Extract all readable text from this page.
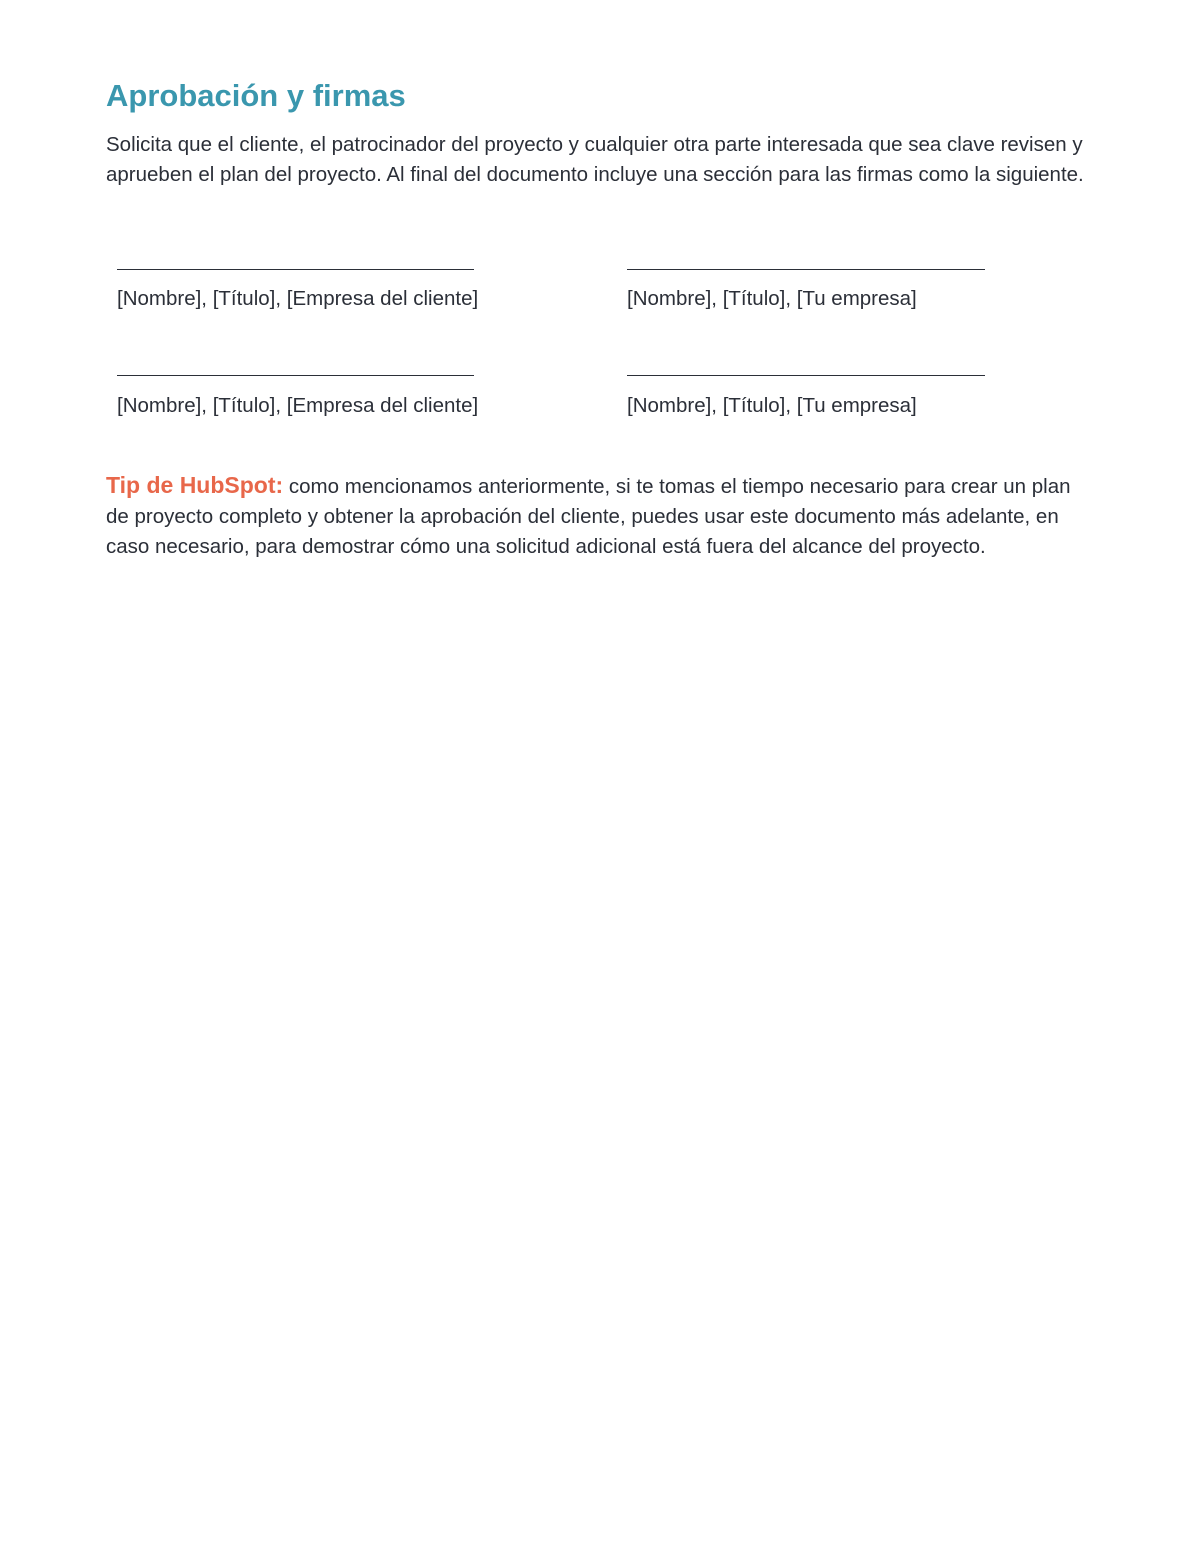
Aprobación y firmas

Solicita que el cliente, el patrocinador del proyecto y cualquier otra parte interesada que sea clave revisen y aprueben el plan del proyecto. Al final del documento incluye una sección para las firmas como la siguiente.

[Nombre], [Título], [Empresa del cliente]	[Nombre], [Título], [Tu empresa]
[Nombre], [Título], [Empresa del cliente]	[Nombre], [Título], [Tu empresa]

Tip de HubSpot: como mencionamos anteriormente, si te tomas el tiempo necesario para crear un plan de proyecto completo y obtener la aprobación del cliente, puedes usar este documento más adelante, en caso necesario, para demostrar cómo una solicitud adicional está fuera del alcance del proyecto.
